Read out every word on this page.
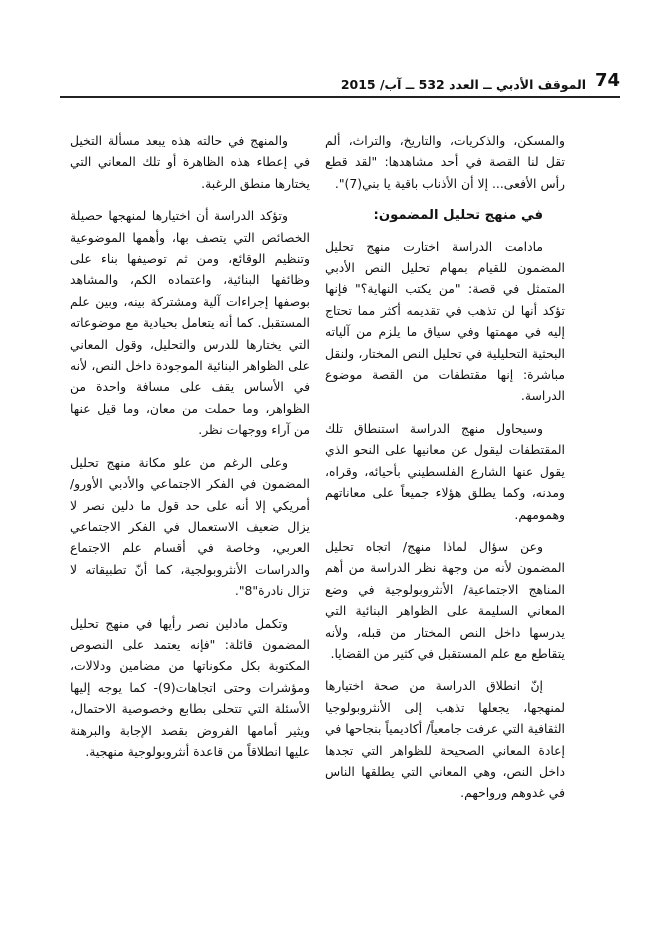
74
الموقف الأدبي ــ العدد 532 ــ آب/ 2015

والمسكن، والذكريات، والتاريخ، والتراث، ألم تقل لنا القصة في أحد مشاهدها: "لقد قطع رأس الأفعى... إلا أن الأذناب باقية يا بني(7)".

في منهج تحليل المضمون:

مادامت الدراسة اختارت منهج تحليل المضمون للقيام بمهام تحليل النص الأدبي المتمثل في قصة: "من يكتب النهاية؟" فإنها تؤكد أنها لن تذهب في تقديمه أكثر مما تحتاج إليه في مهمتها وفي سياق ما يلزم من آلياته البحثية التحليلية في تحليل النص المختار، ولنقل مباشرة: إنها مقتطفات من القصة موضوع الدراسة.

وسيحاول منهج الدراسة استنطاق تلك المقتطفات ليقول عن معانيها على النحو الذي يقول عنها الشارع الفلسطيني بأحيائه، وقراه، ومدنه، وكما يطلق هؤلاء جميعاً على معاناتهم وهمومهم.

وعن سؤال لماذا منهج/ اتجاه تحليل المضمون لأنه من وجهة نظر الدراسة من أهم المناهج الاجتماعية/ الأنثروبولوجية في وضع المعاني السليمة على الظواهر البنائية التي يدرسها داخل النص المختار من قبله، ولأنه يتقاطع مع علم المستقبل في كثير من القضايا.

إنّ انطلاق الدراسة من صحة اختيارها لمنهجها، يجعلها تذهب إلى الأنثروبولوجيا الثقافية التي عرفت جامعياً/ أكاديمياً بنجاحها في إعادة المعاني الصحيحة للظواهر التي تجدها داخل النص، وهي المعاني التي يطلقها الناس في غدوهم ورواحهم.

والمنهج في حالته هذه يبعد مسألة التخيل في إعطاء هذه الظاهرة أو تلك المعاني التي يختارها منطق الرغبة.

وتؤكد الدراسة أن اختيارها لمنهجها حصيلة الخصائص التي يتصف بها، وأهمها الموضوعية وتنظيم الوقائع، ومن ثم توصيفها بناء على وظائفها البنائية، واعتماده الكم، والمشاهد بوصفها إجراءات آلية ومشتركة بينه، وبين علم المستقبل. كما أنه يتعامل بحيادية مع موضوعاته التي يختارها للدرس والتحليل، وقول المعاني على الظواهر البنائية الموجودة داخل النص، لأنه في الأساس يقف على مسافة واحدة من الظواهر، وما حملت من معان، وما قيل عنها من آراء ووجهات نظر.

وعلى الرغم من علو مكانة منهج تحليل المضمون في الفكر الاجتماعي والأدبي الأورو/ أمريكي إلا أنه على حد قول ما دلين نصر لا يزال ضعيف الاستعمال في الفكر الاجتماعي العربي، وخاصة في أقسام علم الاجتماع والدراسات الأنثروبولجية، كما أنّ تطبيقاته لا تزال نادرة"8".

وتكمل مادلين نصر رأيها في منهج تحليل المضمون قائلة: "فإنه يعتمد على النصوص المكتوبة بكل مكوناتها من مضامين ودلالات، ومؤشرات وحتى اتجاهات(9)- كما يوجه إليها الأسئلة التي تتحلى بطابع وخصوصية الاحتمال، ويثير أمامها الفروض بقصد الإجابة والبرهنة عليها انطلاقاً من قاعدة أنثروبولوجية منهجية.
